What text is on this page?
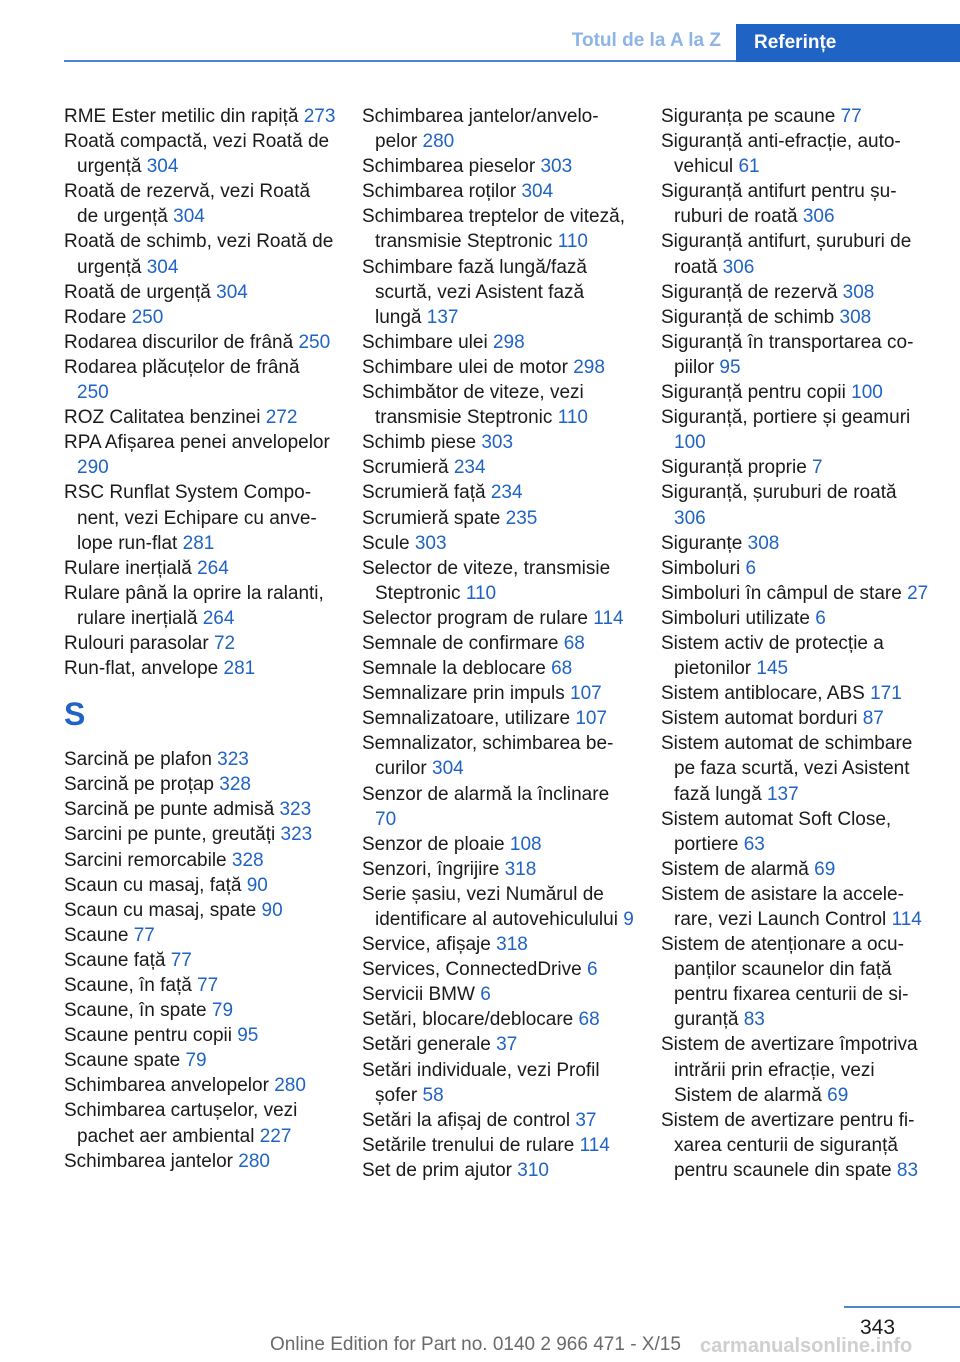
Totul de la A la Z	Referințe
RME Ester metilic din rapiță 273
Roată compactă, vezi Roată de urgență 304
Roată de rezervă, vezi Roată de urgență 304
Roată de schimb, vezi Roată de urgență 304
Roată de urgență 304
Rodare 250
Rodarea discurilor de frână 250
Rodarea plăcuțelor de frână 250
ROZ Calitatea benzinei 272
RPA Afișarea penei anvelopelor 290
RSC Runflat System Component, vezi Echipare cu anvelope run-flat 281
Rulare inerțială 264
Rulare până la oprire la ralanti, rulare inerțială 264
Rulouri parasolar 72
Run-flat, anvelope 281
S
Sarcină pe plafon 323
Sarcină pe proțap 328
Sarcină pe punte admisă 323
Sarcini pe punte, greutăți 323
Sarcini remorcabile 328
Scaun cu masaj, față 90
Scaun cu masaj, spate 90
Scaune 77
Scaune față 77
Scaune, în față 77
Scaune, în spate 79
Scaune pentru copii 95
Scaune spate 79
Schimbarea anvelopelor 280
Schimbarea cartușelor, vezi pachet aer ambiental 227
Schimbarea jantelor 280
Schimbarea jantelor/anvelopelor 280
Schimbarea pieselor 303
Schimbarea roților 304
Schimbarea treptelor de viteză, transmisie Steptronic 110
Schimbare fază lungă/fază scurtă, vezi Asistent fază lungă 137
Schimbare ulei 298
Schimbare ulei de motor 298
Schimbător de viteze, vezi transmisie Steptronic 110
Schimb piese 303
Scrumieră 234
Scrumieră față 234
Scrumieră spate 235
Scule 303
Selector de viteze, transmisie Steptronic 110
Selector program de rulare 114
Semnale de confirmare 68
Semnale la deblocare 68
Semnalizare prin impuls 107
Semnalizatoare, utilizare 107
Semnalizator, schimbarea becurilor 304
Senzor de alarmă la înclinare 70
Senzor de ploaie 108
Senzori, îngrijire 318
Serie șasiu, vezi Numărul de identificare al autovehiculului 9
Service, afișaje 318
Services, ConnectedDrive 6
Servicii BMW 6
Setări, blocare/deblocare 68
Setări generale 37
Setări individuale, vezi Profil șofer 58
Setări la afișaj de control 37
Setările trenului de rulare 114
Set de prim ajutor 310
Siguranța pe scaune 77
Siguranță anti-efracție, autovehicul 61
Siguranță antifurt pentru șuruburi de roată 306
Siguranță antifurt, șuruburi de roată 306
Siguranță de rezervă 308
Siguranță de schimb 308
Siguranță în transportarea copiilor 95
Siguranță pentru copii 100
Siguranță, portiere și geamuri 100
Siguranță proprie 7
Siguranță, șuruburi de roată 306
Siguranțe 308
Simboluri 6
Simboluri în câmpul de stare 27
Simboluri utilizate 6
Sistem activ de protecție a pietonilor 145
Sistem antiblocare, ABS 171
Sistem automat borduri 87
Sistem automat de schimbare pe faza scurtă, vezi Asistent fază lungă 137
Sistem automat Soft Close, portiere 63
Sistem de alarmă 69
Sistem de asistare la accelerare, vezi Launch Control 114
Sistem de atenționare a ocupanților scaunelor din față pentru fixarea centurii de siguranță 83
Sistem de avertizare împotriva intrării prin efracție, vezi Sistem de alarmă 69
Sistem de avertizare pentru fixarea centurii de siguranță pentru scaunele din spate 83
343
Online Edition for Part no. 0140 2 966 471 - X/15 carmanualsonline.info
